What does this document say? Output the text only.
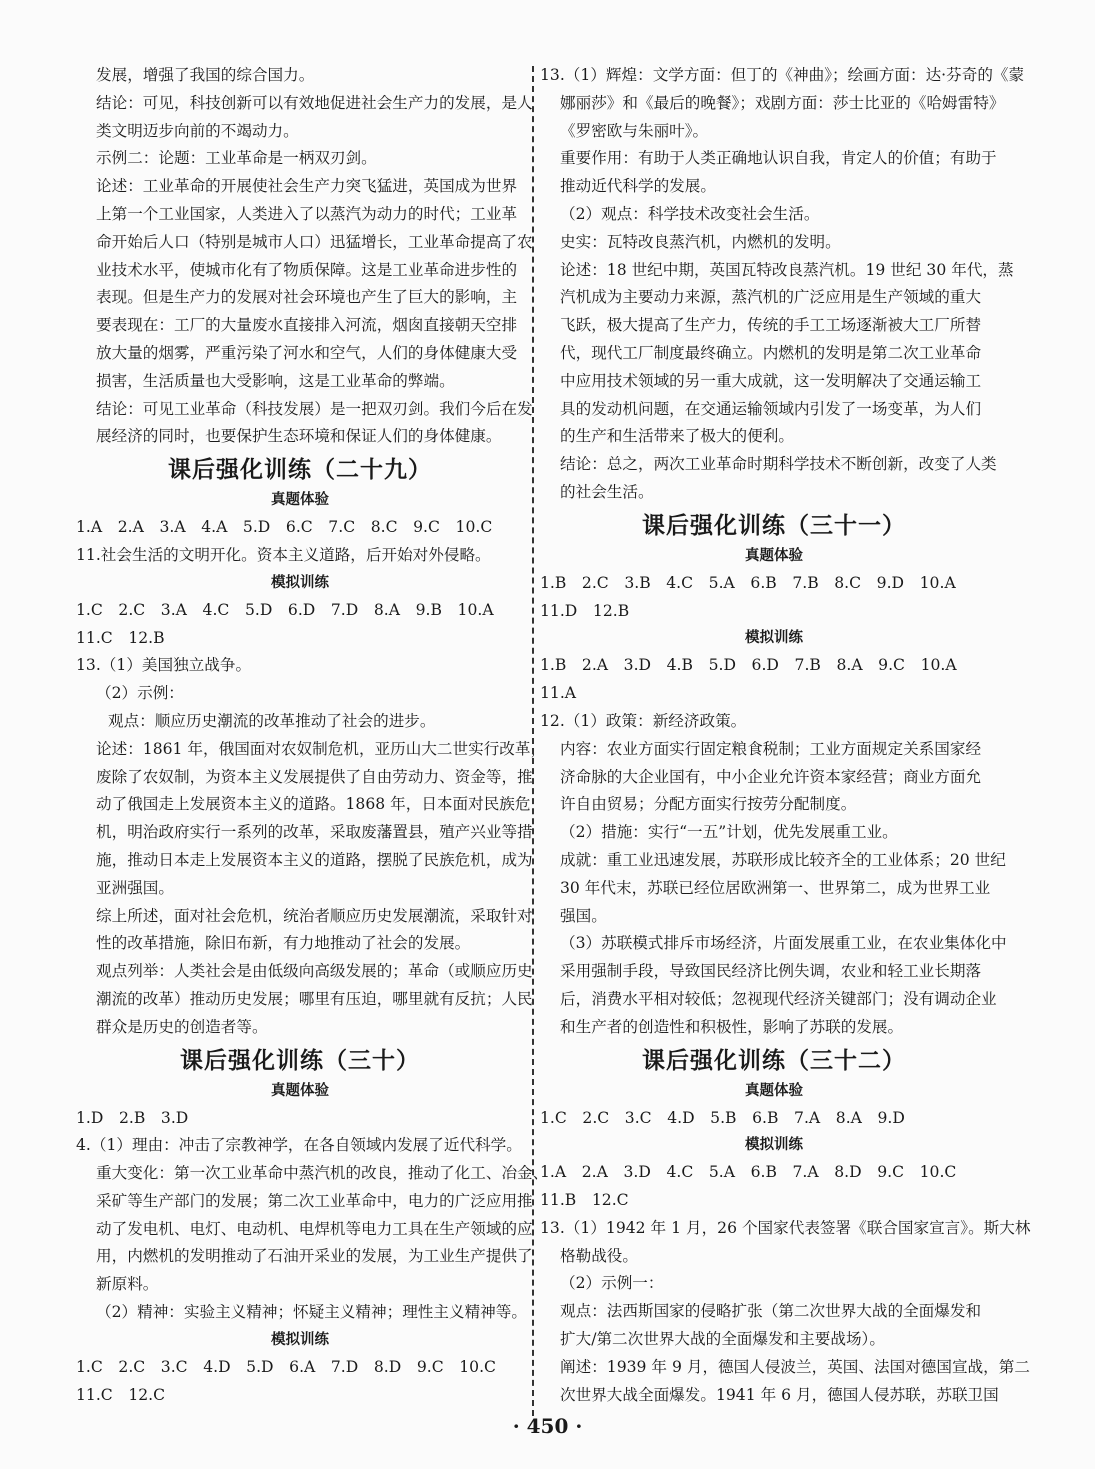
发展，增强了我国的综合国力。

结论：可见，科技创新可以有效地促进社会生产力的发展，是人

类文明迈步向前的不竭动力。

示例二：论题：工业革命是一柄双刃剑。

论述：工业革命的开展使社会生产力突飞猛进，英国成为世界

上第一个工业国家，人类进入了以蒸汽为动力的时代；工业革

命开始后人口（特别是城市人口）迅猛增长，工业革命提高了农

业技术水平，使城市化有了物质保障。这是工业革命进步性的

表现。但是生产力的发展对社会环境也产生了巨大的影响，主

要表现在：工厂的大量废水直接排入河流，烟囱直接朝天空排

放大量的烟雾，严重污染了河水和空气，人们的身体健康大受

损害，生活质量也大受影响，这是工业革命的弊端。

结论：可见工业革命（科技发展）是一把双刃剑。我们今后在发

展经济的同时，也要保护生态环境和保证人们的身体健康。

课后强化训练（二十九）
真题体验

1.A　2.A　3.A　4.A　5.D　6.C　7.C　8.C　9.C　10.C

11.社会生活的文明开化。资本主义道路，后开始对外侵略。

模拟训练

1.C　2.C　3.A　4.C　5.D　6.D　7.D　8.A　9.B　10.A

11.C　12.B

13.（1）美国独立战争。

（2）示例：

观点：顺应历史潮流的改革推动了社会的进步。

论述：1861 年，俄国面对农奴制危机，亚历山大二世实行改革，

废除了农奴制，为资本主义发展提供了自由劳动力、资金等，推

动了俄国走上发展资本主义的道路。1868 年，日本面对民族危

机，明治政府实行一系列的改革，采取废藩置县，殖产兴业等措

施，推动日本走上发展资本主义的道路，摆脱了民族危机，成为

亚洲强国。

综上所述，面对社会危机，统治者顺应历史发展潮流，采取针对

性的改革措施，除旧布新，有力地推动了社会的发展。

观点列举：人类社会是由低级向高级发展的；革命（或顺应历史

潮流的改革）推动历史发展；哪里有压迫，哪里就有反抗；人民

群众是历史的创造者等。

课后强化训练（三十）
真题体验

1.D　2.B　3.D

4.（1）理由：冲击了宗教神学，在各自领域内发展了近代科学。

重大变化：第一次工业革命中蒸汽机的改良，推动了化工、冶金、

采矿等生产部门的发展；第二次工业革命中，电力的广泛应用推

动了发电机、电灯、电动机、电焊机等电力工具在生产领域的应

用，内燃机的发明推动了石油开采业的发展，为工业生产提供了

新原料。

（2）精神：实验主义精神；怀疑主义精神；理性主义精神等。

模拟训练

1.C　2.C　3.C　4.D　5.D　6.A　7.D　8.D　9.C　10.C

11.C　12.C

13.（1）辉煌：文学方面：但丁的《神曲》；绘画方面：达·芬奇的《蒙

娜丽莎》和《最后的晚餐》；戏剧方面：莎士比亚的《哈姆雷特》

《罗密欧与朱丽叶》。

重要作用：有助于人类正确地认识自我，肯定人的价值；有助于

推动近代科学的发展。

（2）观点：科学技术改变社会生活。

史实：瓦特改良蒸汽机，内燃机的发明。

论述：18 世纪中期，英国瓦特改良蒸汽机。19 世纪 30 年代，蒸

汽机成为主要动力来源，蒸汽机的广泛应用是生产领域的重大

飞跃，极大提高了生产力，传统的手工工场逐渐被大工厂所替

代，现代工厂制度最终确立。内燃机的发明是第二次工业革命

中应用技术领域的另一重大成就，这一发明解决了交通运输工

具的发动机问题，在交通运输领域内引发了一场变革，为人们

的生产和生活带来了极大的便利。

结论：总之，两次工业革命时期科学技术不断创新，改变了人类

的社会生活。

课后强化训练（三十一）
真题体验

1.B　2.C　3.B　4.C　5.A　6.B　7.B　8.C　9.D　10.A

11.D　12.B

模拟训练

1.B　2.A　3.D　4.B　5.D　6.D　7.B　8.A　9.C　10.A

11.A

12.（1）政策：新经济政策。

内容：农业方面实行固定粮食税制；工业方面规定关系国家经

济命脉的大企业国有，中小企业允许资本家经营；商业方面允

许自由贸易；分配方面实行按劳分配制度。

（2）措施：实行“一五”计划，优先发展重工业。

成就：重工业迅速发展，苏联形成比较齐全的工业体系；20 世纪

30 年代末，苏联已经位居欧洲第一、世界第二，成为世界工业

强国。

（3）苏联模式排斥市场经济，片面发展重工业，在农业集体化中

采用强制手段，导致国民经济比例失调，农业和轻工业长期落

后，消费水平相对较低；忽视现代经济关键部门；没有调动企业

和生产者的创造性和积极性，影响了苏联的发展。

课后强化训练（三十二）
真题体验

1.C　2.C　3.C　4.D　5.B　6.B　7.A　8.A　9.D

模拟训练

1.A　2.A　3.D　4.C　5.A　6.B　7.A　8.D　9.C　10.C

11.B　12.C

13.（1）1942 年 1 月，26 个国家代表签署《联合国家宣言》。斯大林

格勒战役。

（2）示例一：

观点：法西斯国家的侵略扩张（第二次世界大战的全面爆发和

扩大/第二次世界大战的全面爆发和主要战场）。

阐述：1939 年 9 月，德国人侵波兰，英国、法国对德国宣战，第二

次世界大战全面爆发。1941 年 6 月，德国人侵苏联，苏联卫国

· 450 ·
